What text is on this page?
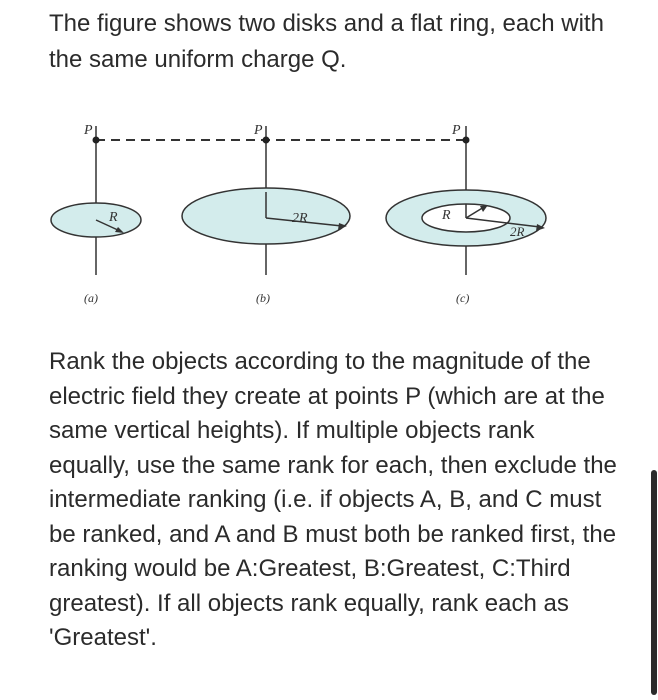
The figure shows two disks and a flat ring, each with the same uniform charge Q.

P
R
(a)
P
2R
(b)
P
R
2R
(c)

Rank the objects according to the magnitude of the electric field they create at points P (which are at the same vertical heights). If multiple objects rank equally, use the same rank for each, then exclude the intermediate ranking (i.e. if objects A, B, and C must be ranked, and A and B must both be ranked first, the ranking would be A:Greatest, B:Greatest, C:Third greatest). If all objects rank equally, rank each as 'Greatest'.
